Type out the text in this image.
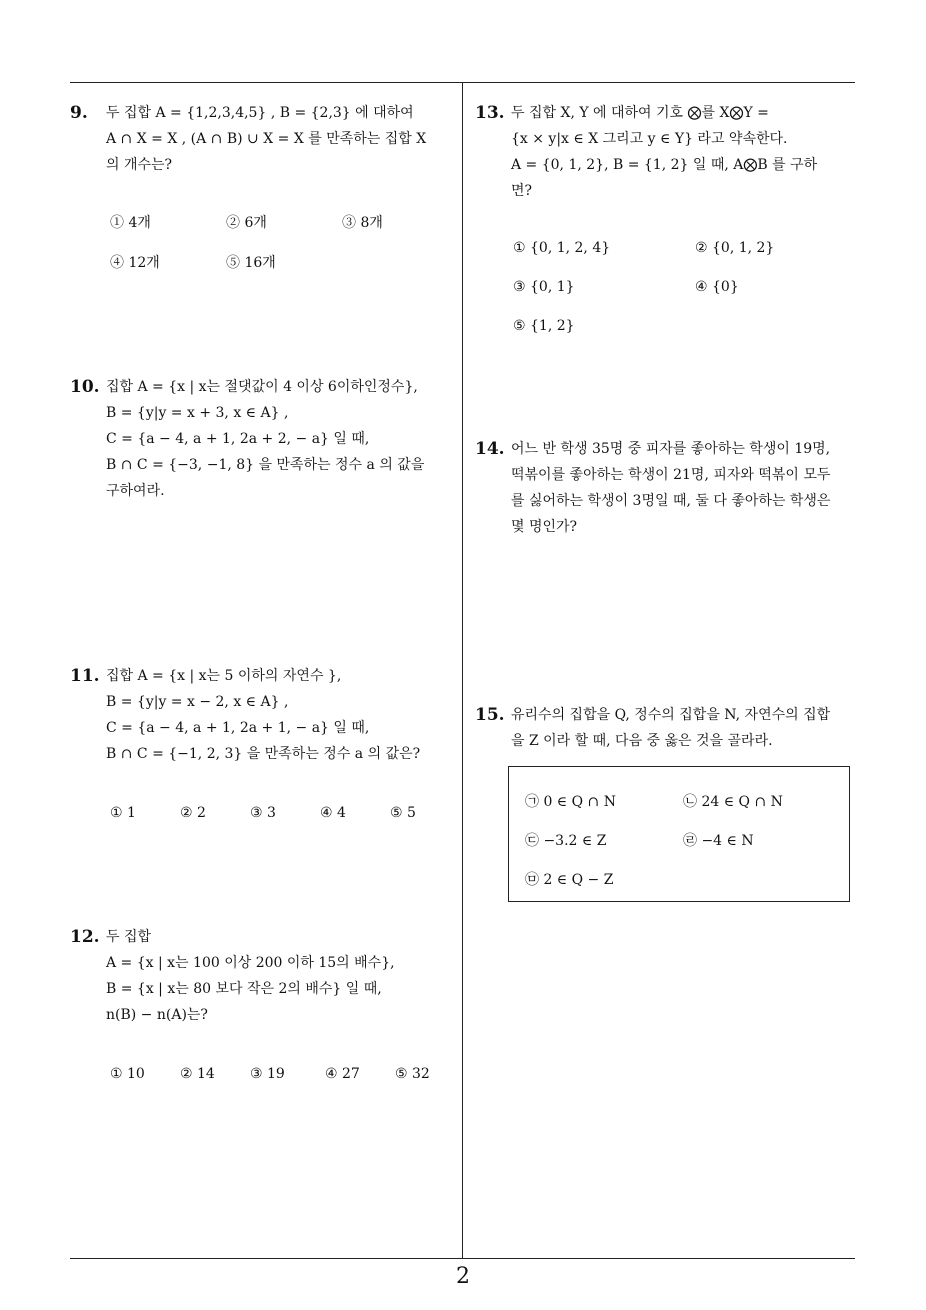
9. 두 집합 A = {1,2,3,4,5} , B = {2,3} 에 대하여
A ∩ X = X , (A ∩ B) ∪ X = X 를 만족하는 집합 X
의 개수는?
① 4개	② 6개	③ 8개
④ 12개	⑤ 16개
10. 집합 A = {x | x는 절댓값이 4 이상 6이하인정수},
B = {y|y = x + 3, x ∈ A} ,
C = {a − 4, a + 1, 2a + 2, − a} 일 때,
B ∩ C = {−3, −1, 8} 을 만족하는 정수 a 의 값을
구하여라.
11. 집합 A = {x | x는 5 이하의 자연수 },
B = {y|y = x − 2, x ∈ A} ,
C = {a − 4, a + 1, 2a + 1, − a} 일 때,
B ∩ C = {−1, 2, 3} 을 만족하는 정수 a 의 값은?
① 1	② 2	③ 3	④ 4	⑤ 5
12. 두 집합
A = {x | x는 100 이상 200 이하 15의 배수},
B = {x | x는 80 보다 작은 2의 배수} 일 때,
n(B) − n(A)는?
① 10	② 14	③ 19	④ 27	⑤ 32
13. 두 집합 X, Y 에 대하여 기호 ⨂를 X⨂Y =
{x × y|x ∈ X 그리고 y ∈ Y} 라고 약속한다.
A = {0, 1, 2}, B = {1, 2} 일 때, A⨂B 를 구하
면?
① {0, 1, 2, 4}	② {0, 1, 2}
③ {0, 1}	④ {0}
⑤ {1, 2}
14. 어느 반 학생 35명 중 피자를 좋아하는 학생이 19명,
떡볶이를 좋아하는 학생이 21명, 피자와 떡볶이 모두
를 싫어하는 학생이 3명일 때, 둘 다 좋아하는 학생은
몇 명인가?
15. 유리수의 집합을 Q, 정수의 집합을 N, 자연수의 집합
을 Z 이라 할 때, 다음 중 옳은 것을 골라라.
㉠ 0 ∈ Q ∩ N	㉡ 24 ∈ Q ∩ N
㉢ −3.2 ∈ Z	㉣ −4 ∈ N
㉤ 2 ∈ Q − Z
2
